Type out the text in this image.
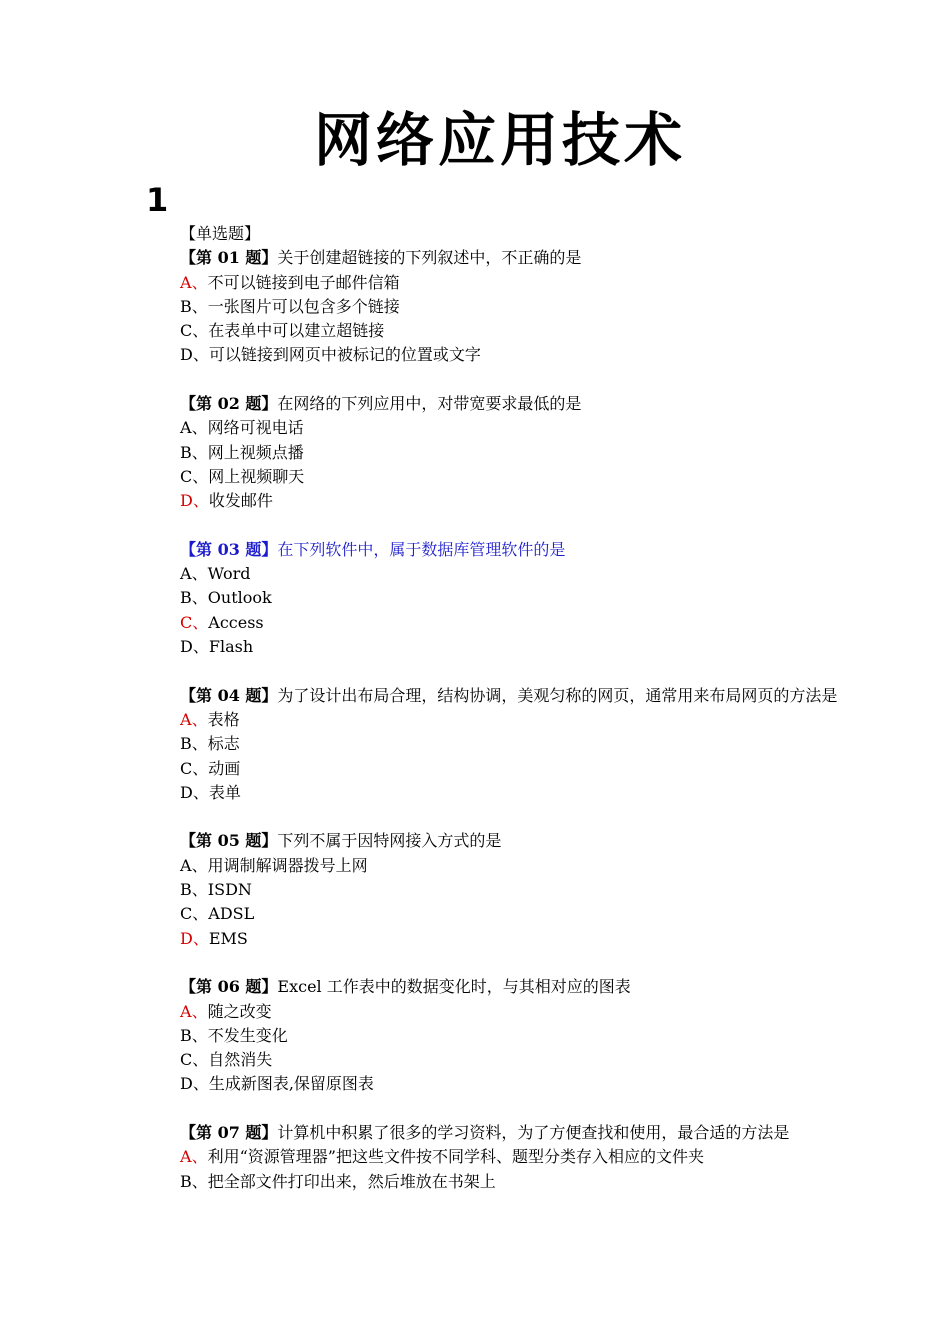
网络应用技术
1

【单选题】

【第 01 题】关于创建超链接的下列叙述中，不正确的是

A、不可以链接到电子邮件信箱

B、一张图片可以包含多个链接

C、在表单中可以建立超链接

D、可以链接到网页中被标记的位置或文字

【第 02 题】在网络的下列应用中，对带宽要求最低的是

A、网络可视电话

B、网上视频点播

C、网上视频聊天

D、收发邮件

【第 03 题】在下列软件中，属于数据库管理软件的是

A、Word

B、Outlook

C、Access

D、Flash

【第 04 题】为了设计出布局合理，结构协调，美观匀称的网页，通常用来布局网页的方法是

A、表格

B、标志

C、动画

D、表单

【第 05 题】下列不属于因特网接入方式的是

A、用调制解调器拨号上网

B、ISDN

C、ADSL

D、EMS

【第 06 题】Excel 工作表中的数据变化时，与其相对应的图表

A、随之改变

B、不发生变化

C、自然消失

D、生成新图表,保留原图表

【第 07 题】计算机中积累了很多的学习资料，为了方便查找和使用，最合适的方法是

A、利用“资源管理器”把这些文件按不同学科、题型分类存入相应的文件夹

B、把全部文件打印出来，然后堆放在书架上
